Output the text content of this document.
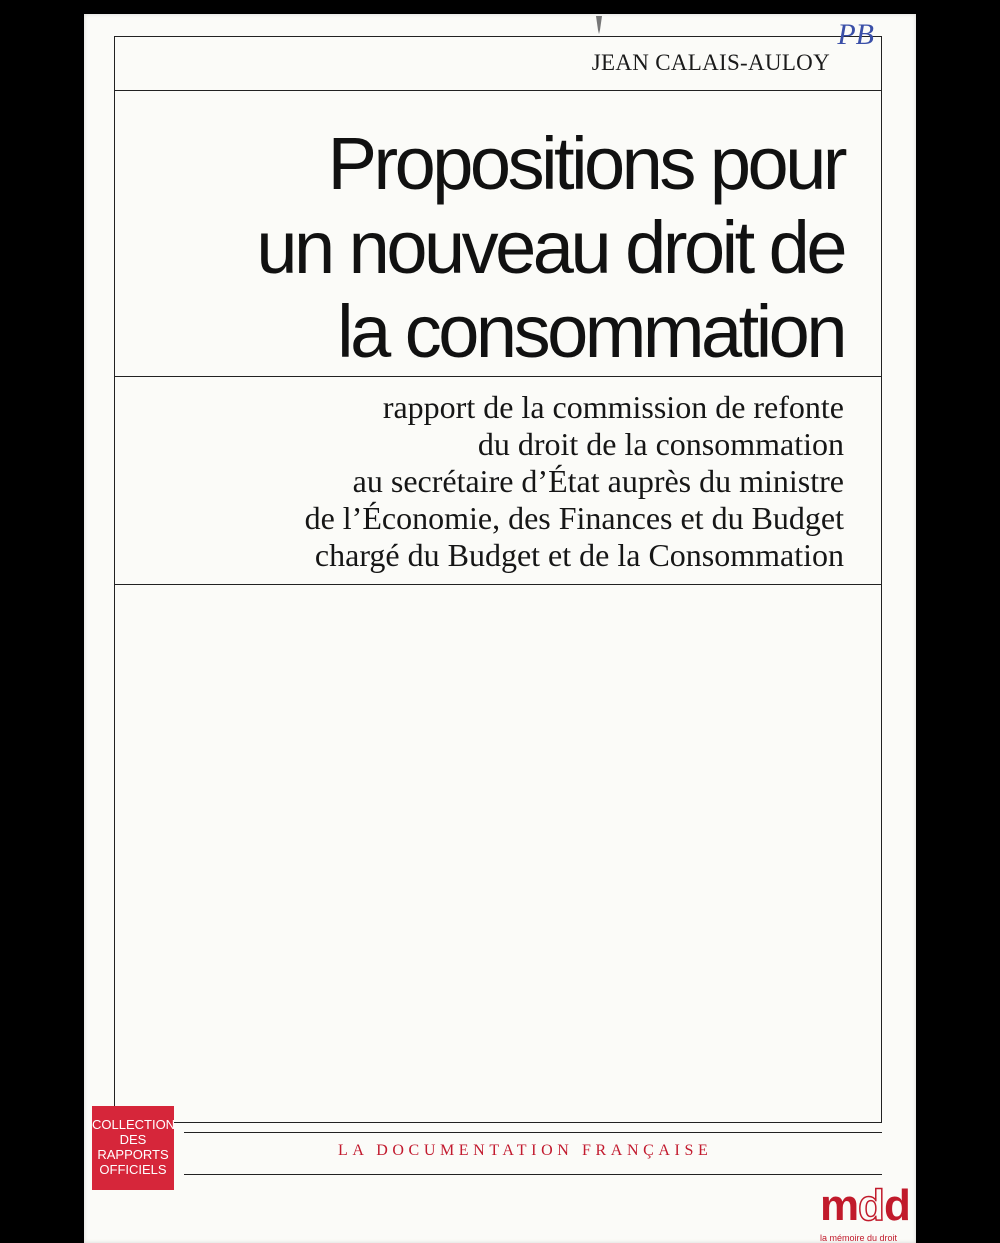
JEAN CALAIS-AULOY
PB
Propositions pour
un nouveau droit de
la consommation
rapport de la commission de refonte
du droit de la consommation
au secrétaire d’État auprès du ministre
de l’Économie, des Finances et du Budget
chargé du Budget et de la Consommation
COLLECTION
DES
RAPPORTS
OFFICIELS
LA DOCUMENTATION FRANÇAISE
m d d
la mémoire du droit
